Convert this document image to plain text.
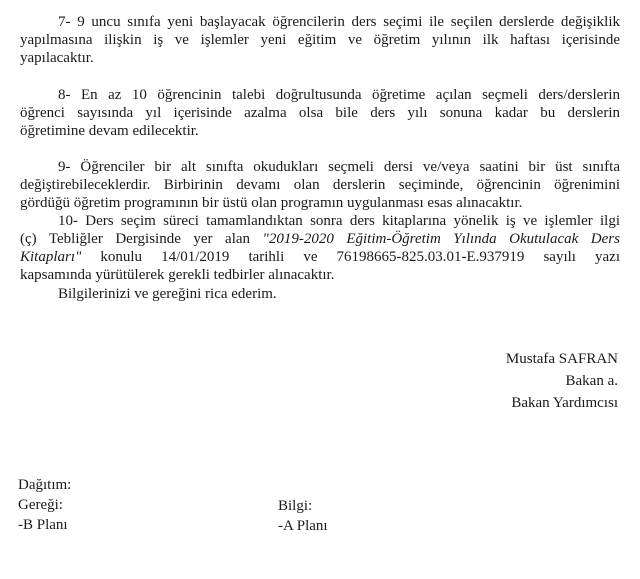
7- 9 uncu sınıfa yeni başlayacak öğrencilerin ders seçimi ile seçilen derslerde değişiklik
yapılmasına ilişkin iş ve işlemler yeni eğitim ve öğretim yılının ilk haftası içerisinde
yapılacaktır.
8- En az 10 öğrencinin talebi doğrultusunda öğretime açılan seçmeli ders/derslerin
öğrenci sayısında yıl içerisinde azalma olsa bile ders yılı sonuna kadar bu derslerin
öğretimine devam edilecektir.
9- Öğrenciler bir alt sınıfta okudukları seçmeli dersi ve/veya saatini bir üst sınıfta
değiştirebileceklerdir. Birbirinin devamı olan derslerin seçiminde, öğrencinin öğrenimini
gördüğü öğretim programının bir üstü olan programın uygulanması esas alınacaktır.
10- Ders seçim süreci tamamlandıktan sonra ders kitaplarına yönelik iş ve işlemler ilgi
(ç) Tebliğler Dergisinde yer alan "2019-2020 Eğitim-Öğretim Yılında Okutulacak Ders
Kitapları" konulu 14/01/2019 tarihli ve 76198665-825.03.01-E.937919 sayılı yazı
kapsamında yürütülerek gerekli tedbirler alınacaktır.
Bilgilerinizi ve gereğini rica ederim.
Mustafa SAFRAN
Bakan a.
Bakan Yardımcısı
Dağıtım:
Gereği:
-B Planı
Bilgi:
-A Planı
